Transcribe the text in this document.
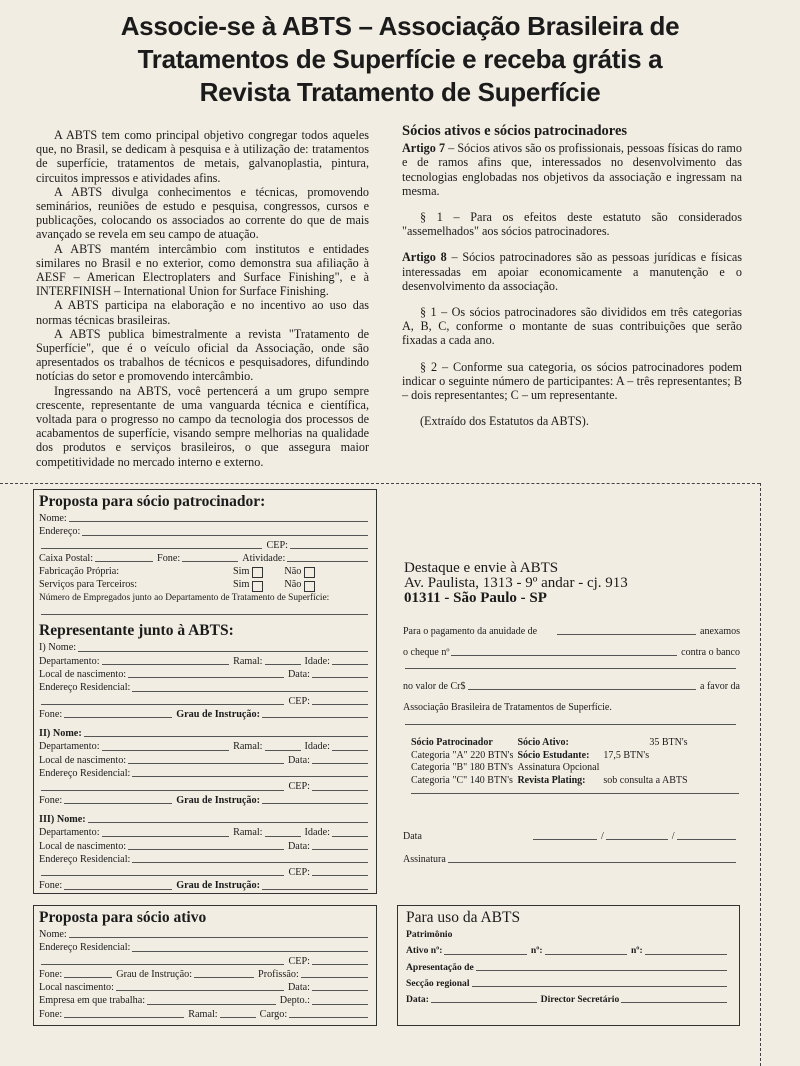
Associe-se à ABTS – Associação Brasileira de
Tratamentos de Superfície e receba grátis a
Revista Tratamento de Superfície

A ABTS tem como principal objetivo congregar todos aqueles que, no Brasil, se dedicam à pesquisa e à utilização de: tratamentos de superfície, tratamentos de metais, galvanoplastia, pintura, circuitos impressos e atividades afins.

A ABTS divulga conhecimentos e técnicas, promovendo seminários, reuniões de estudo e pesquisa, congressos, cursos e publicações, colocando os associados ao corrente do que de mais avançado se revela em seu campo de atuação.

A ABTS mantém intercâmbio com institutos e entidades similares no Brasil e no exterior, como demonstra sua afiliação à AESF – American Electroplaters and Surface Finishing", e à INTERFINISH – International Union for Surface Finishing.

A ABTS participa na elaboração e no incentivo ao uso das normas técnicas brasileiras.

A ABTS publica bimestralmente a revista "Tratamento de Superfície", que é o veículo oficial da Associação, onde são apresentados os trabalhos de técnicos e pesquisadores, difundindo notícias do setor e promovendo intercâmbio.

Ingressando na ABTS, você pertencerá a um grupo sempre crescente, representante de uma vanguarda técnica e científica, voltada para o progresso no campo da tecnologia dos processos de acabamentos de superfície, visando sempre melhorias na qualidade dos produtos e serviços brasileiros, o que assegura maior competitividade no mercado interno e externo.

Sócios ativos e sócios patrocinadores

Artigo 7 – Sócios ativos são os profissionais, pessoas físicas do ramo e de ramos afins que, interessados no desenvolvimento das tecnologias englobadas nos objetivos da associação e ingressam na mesma.

§ 1 – Para os efeitos deste estatuto são considerados "assemelhados" aos sócios patrocinadores.

Artigo 8 – Sócios patrocinadores são as pessoas jurídicas e físicas interessadas em apoiar economicamente a manutenção e o desenvolvimento da associação.

§ 1 – Os sócios patrocinadores são divididos em três categorias A, B, C, conforme o montante de suas contribuições que serão fixadas a cada ano.

§ 2 – Conforme sua categoria, os sócios patrocinadores podem indicar o seguinte número de participantes: A – três representantes; B – dois representantes; C – um representante.

(Extraído dos Estatutos da ABTS).

Proposta para sócio patrocinador:
Nome:
Endereço:
CEP:
Caixa Postal:	Fone:	Atividade:
Fabricação Própria:	Sim	Não
Serviços para Terceiros:	Sim	Não
Número de Empregados junto ao Departamento de Tratamento de Superfície:
Representante junto à ABTS:
I) Nome:
Departamento:	Ramal:	Idade:
Local de nascimento:	Data:
Endereço Residencial:
CEP:
Fone:	Grau de Instrução:
II) Nome:
Departamento:	Ramal:	Idade:
Local de nascimento:	Data:
Endereço Residencial:
CEP:
Fone:	Grau de Instrução:
III) Nome:
Departamento:	Ramal:	Idade:
Local de nascimento:	Data:
Endereço Residencial:
CEP:
Fone:	Grau de Instrução:
Proposta para sócio ativo
Nome:
Endereço Residencial:
CEP:
Fone:	Grau de Instrução:	Profissão:
Local nascimento:	Data:
Empresa em que trabalha:	Depto.:
Fone:	Ramal:	Cargo:
Destaque e envie à ABTS
Av. Paulista, 1313 - 9º andar - cj. 913
01311 - São Paulo - SP
Para o pagamento da anuidade de	anexamos
o cheque nº	contra o banco
no valor de Cr$	a favor da
Associação Brasileira de Tratamentos de Superfície.
Sócio Patrocinador	Sócio Ativo:	35 BTN's
Categoria "A" 220 BTN's	Sócio Estudante:	17,5 BTN's
Categoria "B" 180 BTN's	Assinatura Opcional	
Categoria "C" 140 BTN's	Revista Plating:	sob consulta a ABTS
Data	/	/
Assinatura
Para uso da ABTS
Patrimônio
Ativo nº:	nº:	nº:
Apresentação de
Secção regional
Data:	Director Secretário
